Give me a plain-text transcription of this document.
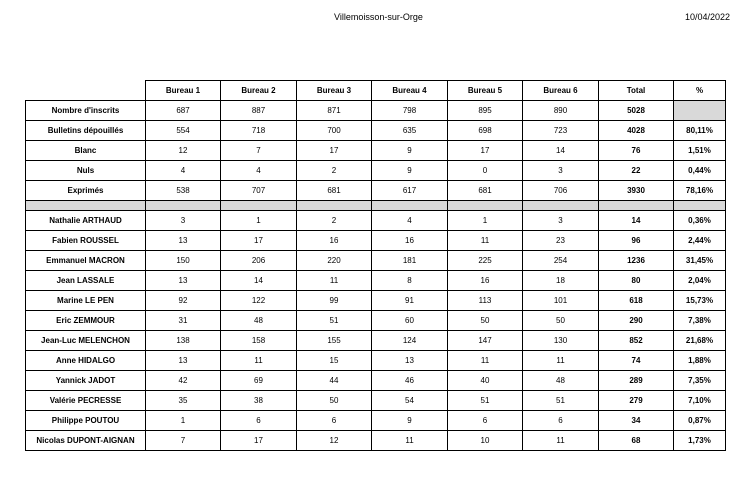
Villemoisson-sur-Orge	10/04/2022
	Bureau 1	Bureau 2	Bureau 3	Bureau 4	Bureau 5	Bureau 6	Total	%
Nombre d'inscrits	687	887	871	798	895	890	5028	
Bulletins dépouillés	554	718	700	635	698	723	4028	80,11%
Blanc	12	7	17	9	17	14	76	1,51%
Nuls	4	4	2	9	0	3	22	0,44%
Exprimés	538	707	681	617	681	706	3930	78,16%

Nathalie ARTHAUD	3	1	2	4	1	3	14	0,36%
Fabien ROUSSEL	13	17	16	16	11	23	96	2,44%
Emmanuel MACRON	150	206	220	181	225	254	1236	31,45%
Jean LASSALE	13	14	11	8	16	18	80	2,04%
Marine LE PEN	92	122	99	91	113	101	618	15,73%
Eric ZEMMOUR	31	48	51	60	50	50	290	7,38%
Jean-Luc MELENCHON	138	158	155	124	147	130	852	21,68%
Anne HIDALGO	13	11	15	13	11	11	74	1,88%
Yannick JADOT	42	69	44	46	40	48	289	7,35%
Valérie PECRESSE	35	38	50	54	51	51	279	7,10%
Philippe POUTOU	1	6	6	9	6	6	34	0,87%
Nicolas DUPONT-AIGNAN	7	17	12	11	10	11	68	1,73%
